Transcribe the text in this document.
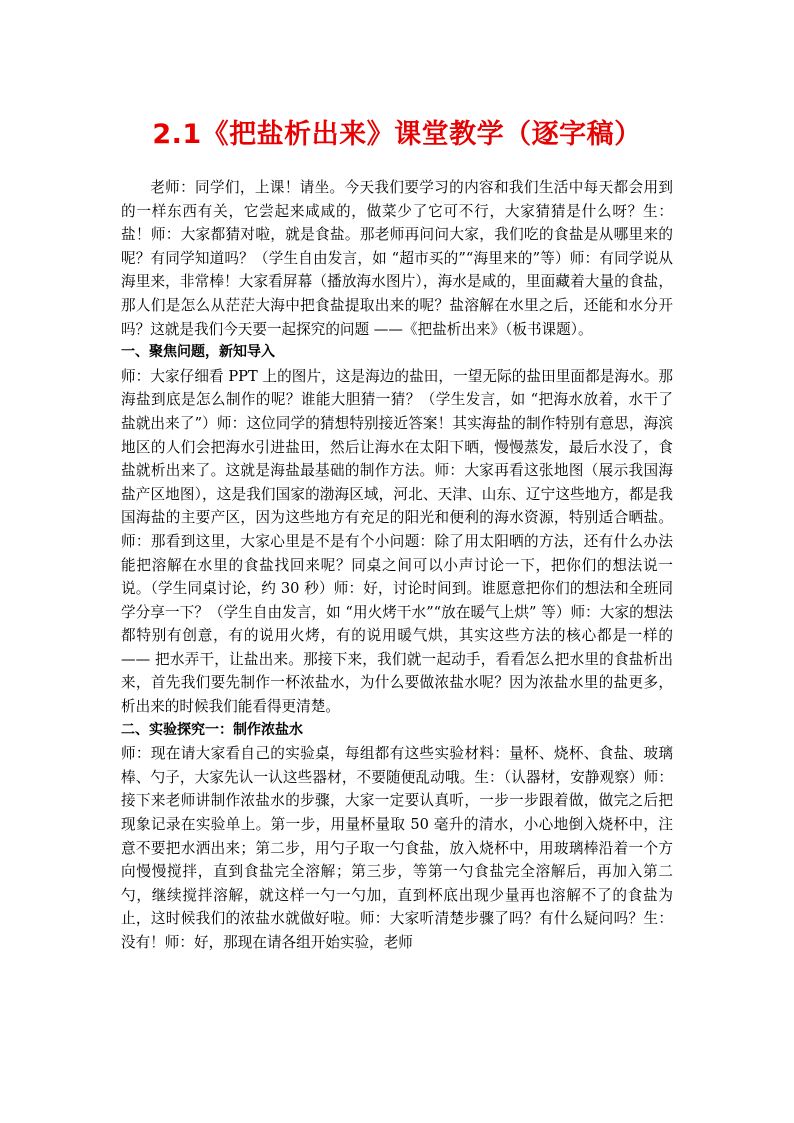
2.1《把盐析出来》课堂教学（逐字稿）

老师：同学们，上课！请坐。今天我们要学习的内容和我们生活中每天都会用到的一样东西有关，它尝起来咸咸的，做菜少了它可不行，大家猜猜是什么呀？生：盐！师：大家都猜对啦，就是食盐。那老师再问问大家，我们吃的食盐是从哪里来的呢？有同学知道吗？（学生自由发言，如 “超市买的”“海里来的”等）师：有同学说从海里来，非常棒！大家看屏幕（播放海水图片），海水是咸的，里面藏着大量的食盐，那人们是怎么从茫茫大海中把食盐提取出来的呢？盐溶解在水里之后，还能和水分开吗？这就是我们今天要一起探究的问题 ——《把盐析出来》（板书课题）。

一、聚焦问题，新知导入

师：大家仔细看 PPT 上的图片，这是海边的盐田，一望无际的盐田里面都是海水。那海盐到底是怎么制作的呢？谁能大胆猜一猜？（学生发言，如 “把海水放着，水干了盐就出来了”）师：这位同学的猜想特别接近答案！其实海盐的制作特别有意思，海滨地区的人们会把海水引进盐田，然后让海水在太阳下晒，慢慢蒸发，最后水没了，食盐就析出来了。这就是海盐最基础的制作方法。师：大家再看这张地图（展示我国海盐产区地图），这是我们国家的渤海区域，河北、天津、山东、辽宁这些地方，都是我国海盐的主要产区，因为这些地方有充足的阳光和便利的海水资源，特别适合晒盐。师：那看到这里，大家心里是不是有个小问题：除了用太阳晒的方法，还有什么办法能把溶解在水里的食盐找回来呢？同桌之间可以小声讨论一下，把你们的想法说一说。（学生同桌讨论，约 30 秒）师：好，讨论时间到。谁愿意把你们的想法和全班同学分享一下？（学生自由发言，如 “用火烤干水”“放在暖气上烘” 等）师：大家的想法都特别有创意，有的说用火烤，有的说用暖气烘，其实这些方法的核心都是一样的 —— 把水弄干，让盐出来。那接下来，我们就一起动手，看看怎么把水里的食盐析出来，首先我们要先制作一杯浓盐水，为什么要做浓盐水呢？因为浓盐水里的盐更多，析出来的时候我们能看得更清楚。

二、实验探究一：制作浓盐水

师：现在请大家看自己的实验桌，每组都有这些实验材料：量杯、烧杯、食盐、玻璃棒、勺子，大家先认一认这些器材，不要随便乱动哦。生：（认器材，安静观察）师：接下来老师讲制作浓盐水的步骤，大家一定要认真听，一步一步跟着做，做完之后把现象记录在实验单上。第一步，用量杯量取 50 毫升的清水，小心地倒入烧杯中，注意不要把水洒出来；第二步，用勺子取一勺食盐，放入烧杯中，用玻璃棒沿着一个方向慢慢搅拌，直到食盐完全溶解；第三步，等第一勺食盐完全溶解后，再加入第二勺，继续搅拌溶解，就这样一勺一勺加，直到杯底出现少量再也溶解不了的食盐为止，这时候我们的浓盐水就做好啦。师：大家听清楚步骤了吗？有什么疑问吗？生：没有！师：好，那现在请各组开始实验，老师
